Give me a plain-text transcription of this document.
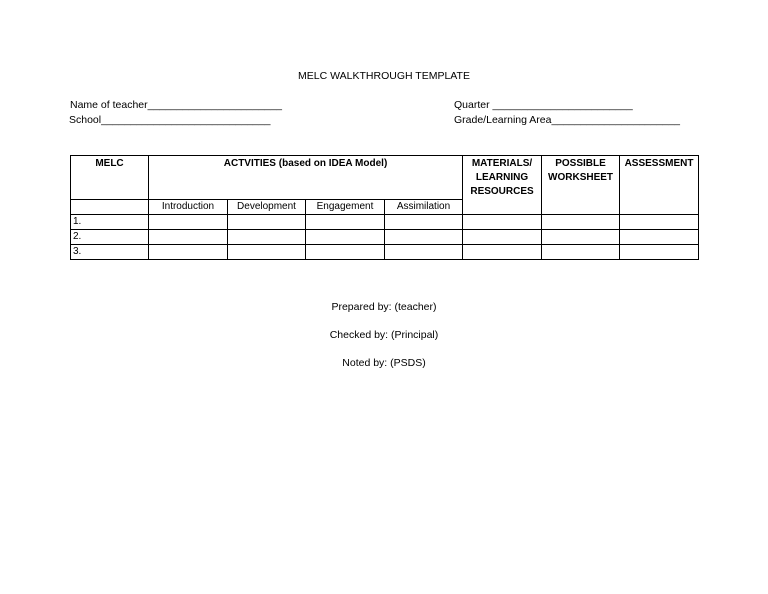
MELC WALKTHROUGH TEMPLATE
Name of teacher_______________________
School_____________________________
Quarter ________________________
Grade/Learning Area______________________
MELC	ACTVITIES (based on IDEA Model)				MATERIALS/ LEARNING RESOURCES	POSSIBLE WORKSHEET	ASSESSMENT
	Introduction	Development	Engagement	Assimilation			
1.							
2.							
3.							
Prepared by: (teacher)
Checked by: (Principal)
Noted by: (PSDS)
